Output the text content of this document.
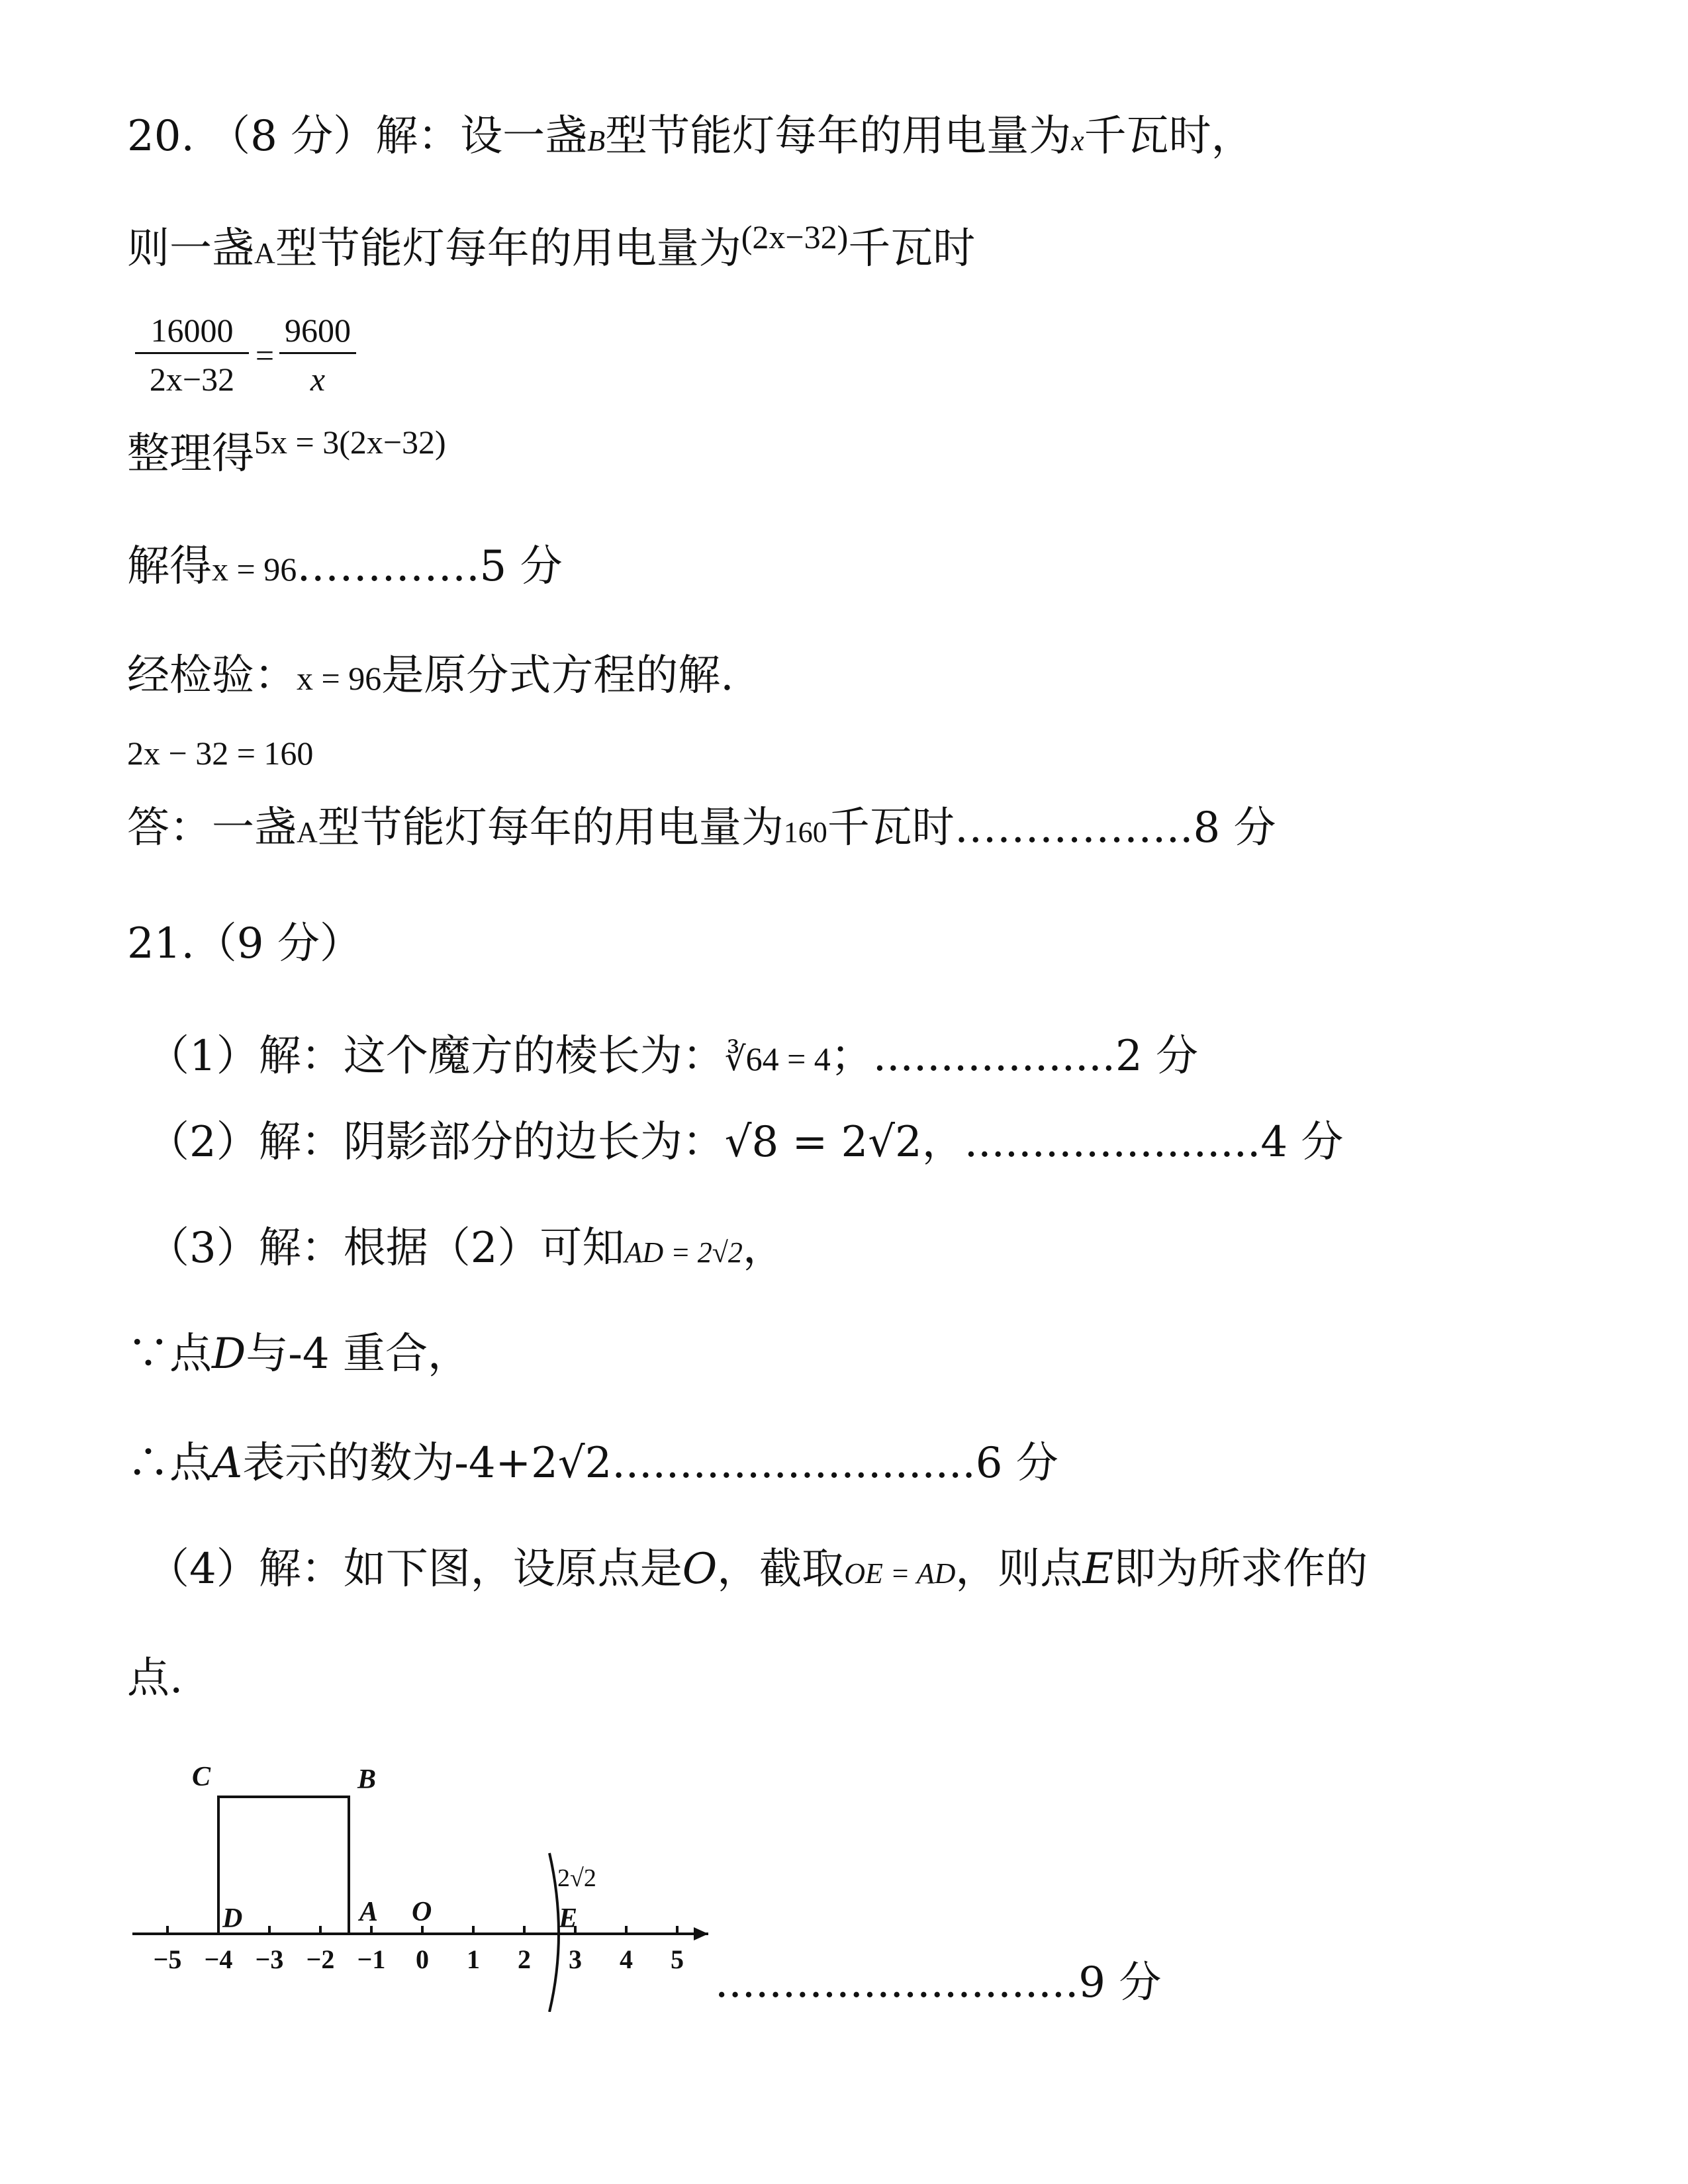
20. （8 分）解：设一盏B型节能灯每年的用电量为x千瓦时，
则一盏A型节能灯每年的用电量为$^{(2x-32)}$千瓦时
16000
2x−32
=
9600
x
整理得$^{5x = 3(2x-32)}$
解得x = 96………….5 分
经检验：x = 96是原分式方程的解.
2x − 32 = 160
答：一盏A型节能灯每年的用电量为160千瓦时……………..8 分
21.（9 分）
（1）解：这个魔方的棱长为：∛64 = 4；..................2 分
（2）解：阴影部分的边长为：√8 = 2√2，......................4 分
（3）解：根据（2）可知AD = 2√2，
∵点D与-4 重合，
∴点A表示的数为-4+2√2...........................6 分
（4）解：如下图，设原点是O，截取OE = AD，则点E即为所求作的
点.
−5 −4 −3 −2 −1 0 1 2 3 4 5
C	B
D	A O	E
2√2
...........................9 分
